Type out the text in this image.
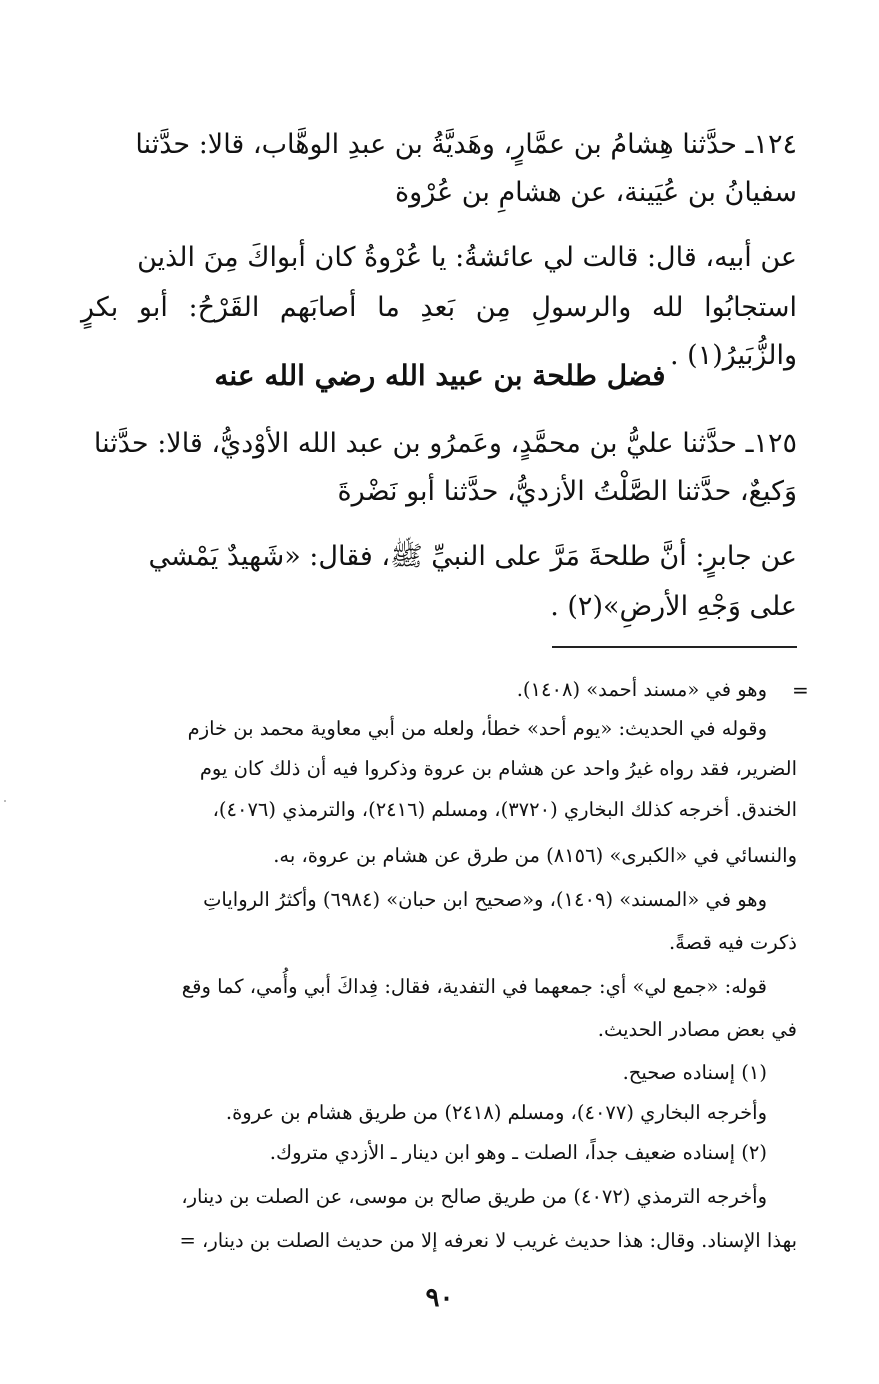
١٢٤ـ حدَّثنا هِشامُ بن عمَّارٍ، وهَديَّةُ بن عبدِ الوهَّاب، قالا: حدَّثنا
سفيانُ بن عُيَينة، عن هشامِ بن عُرْوة
عن أبيه، قال: قالت لي عائشةُ: يا عُرْوةُ كان أبواكَ مِنَ الذين
استجابُوا لله والرسولِ مِن بَعدِ ما أصابَهم القَرْحُ: أبو بكرٍ والزُّبَيرُ(١) .
فضل طلحة بن عبيد الله رضي الله عنه
١٢٥ـ حدَّثنا عليُّ بن محمَّدٍ، وعَمرُو بن عبد الله الأوْديُّ، قالا: حدَّثنا
وَكيعٌ، حدَّثنا الصَّلْتُ الأزديُّ، حدَّثنا أبو نَضْرةَ
عن جابرٍ: أنَّ طلحةَ مَرَّ على النبيِّ ﷺ، فقال: «شَهيدٌ يَمْشي
على وَجْهِ الأرضِ»(٢) .
=
وهو في «مسند أحمد» (١٤٠٨).
وقوله في الحديث: «يوم أحد» خطأ، ولعله من أبي معاوية محمد بن خازم
الضرير، فقد رواه غيرُ واحد عن هشام بن عروة وذكروا فيه أن ذلك كان يوم
الخندق. أخرجه كذلك البخاري (٣٧٢٠)، ومسلم (٢٤١٦)، والترمذي (٤٠٧٦)،
والنسائي في «الكبرى» (٨١٥٦) من طرق عن هشام بن عروة، به.
وهو في «المسند» (١٤٠٩)، و«صحيح ابن حبان» (٦٩٨٤) وأكثرُ الرواياتِ
ذكرت فيه قصةً.
قوله: «جمع لي» أي: جمعهما في التفدية، فقال: فِداكَ أبي وأُمي، كما وقع
في بعض مصادر الحديث.
(١) إسناده صحيح.
وأخرجه البخاري (٤٠٧٧)، ومسلم (٢٤١٨) من طريق هشام بن عروة.
(٢) إسناده ضعيف جداً، الصلت ـ وهو ابن دينار ـ الأزدي متروك.
وأخرجه الترمذي (٤٠٧٢) من طريق صالح بن موسى، عن الصلت بن دينار،
بهذا الإسناد. وقال: هذا حديث غريب لا نعرفه إلا من حديث الصلت بن دينار، =
٩٠
